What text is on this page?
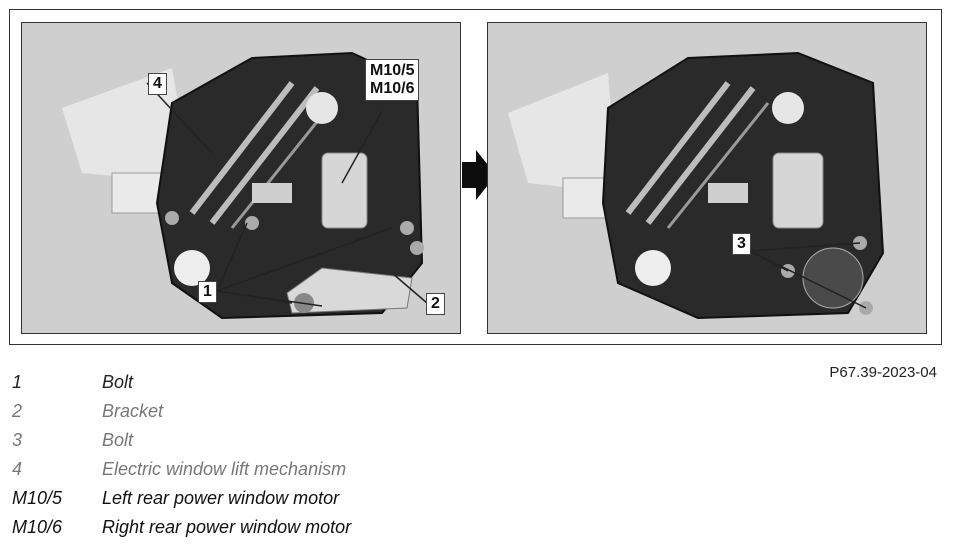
4
M10/5
M10/6
1
2
3
P67.39-2023-04
1	Bolt
2	Bracket
3	Bolt
4	Electric window lift mechanism
M10/5	Left rear power window motor
M10/6	Right rear power window motor
